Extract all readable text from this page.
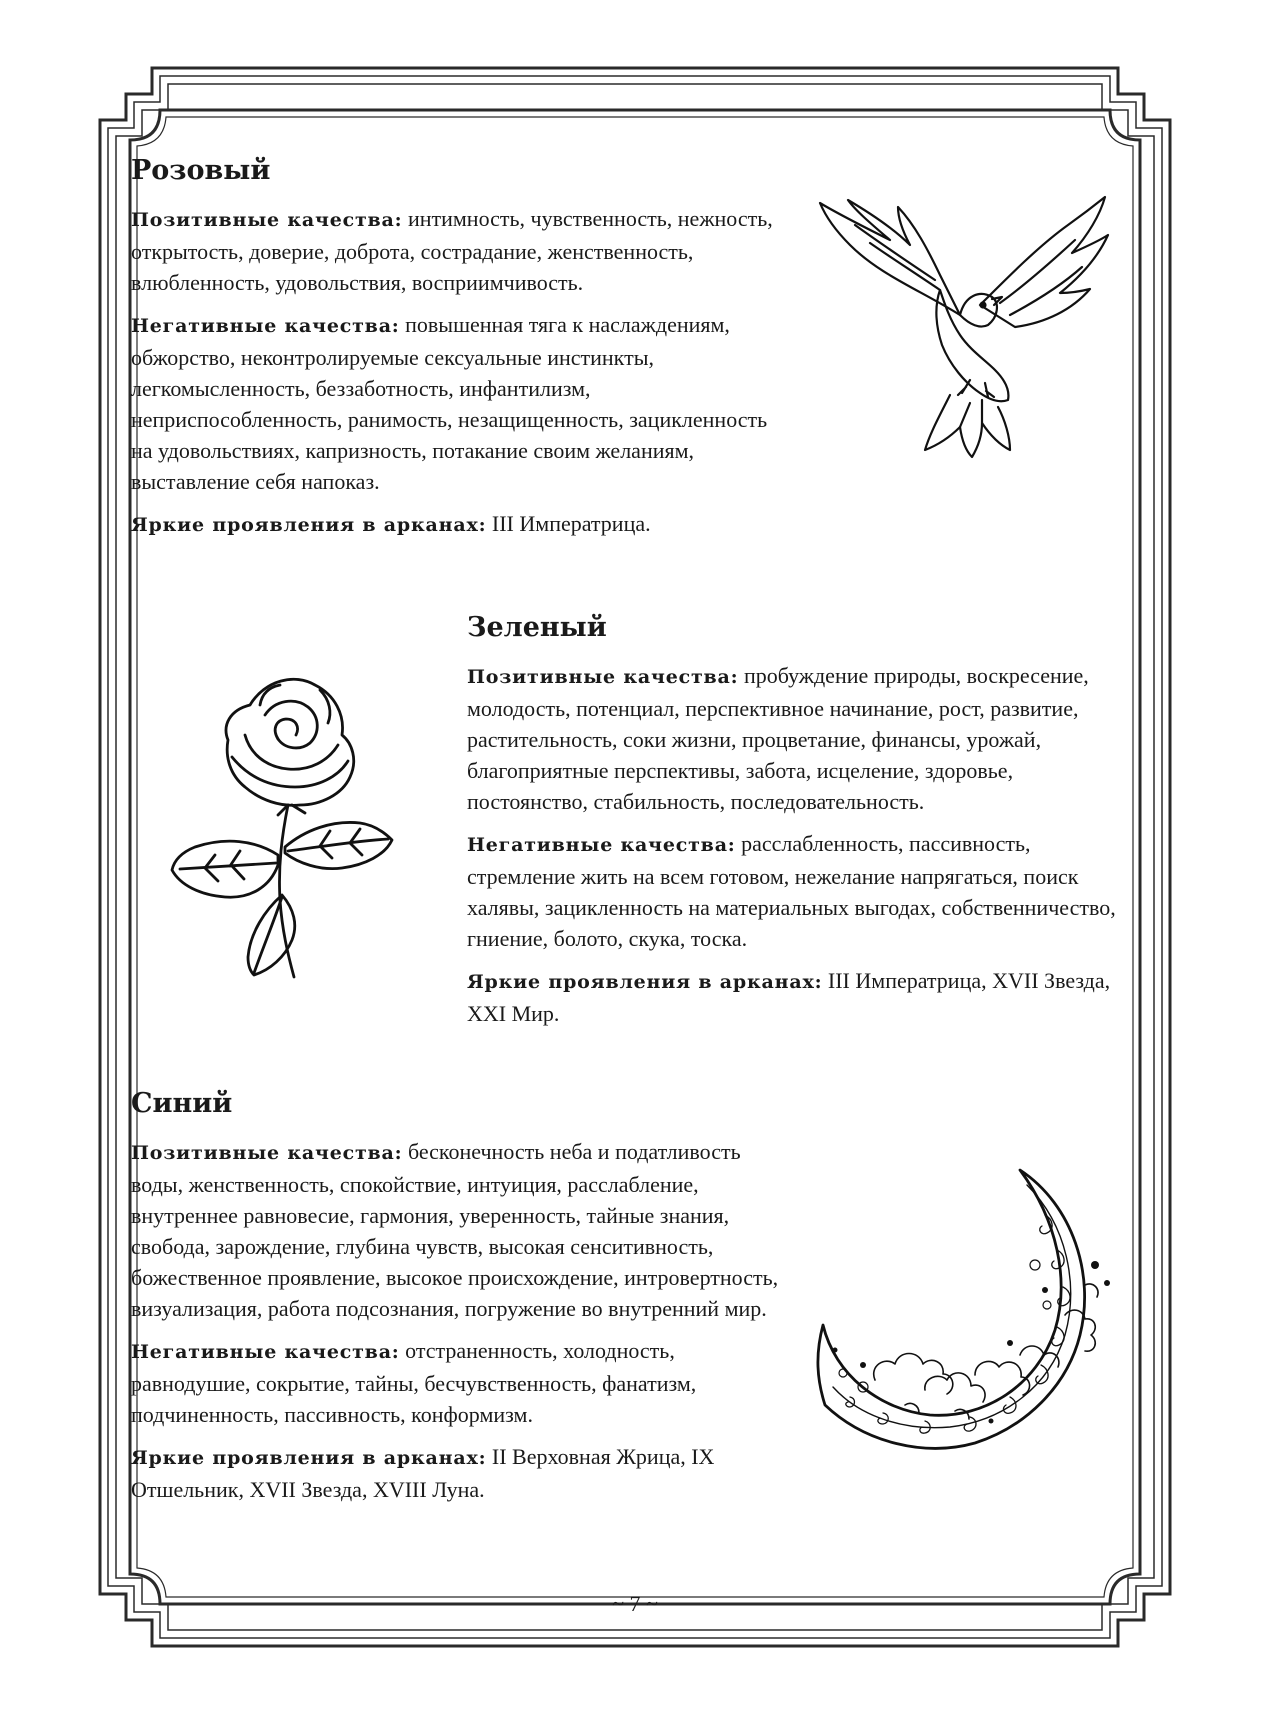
Розовый

Позитивные качества: интимность, чувственность, нежность, открытость, доверие, доброта, сострадание, женственность, влюбленность, удовольствия, восприимчивость.

Негативные качества: повышенная тяга к наслаждениям, обжорство, неконтролируемые сексуальные инстинкты, легкомысленность, беззаботность, инфантилизм, неприспособленность, ранимость, незащищенность, зацикленность на удовольствиях, капризность, потакание своим желаниям, выставление себя напоказ.

Яркие проявления в арканах: III Императрица.

Зеленый

Позитивные качества: пробуждение природы, воскресение, молодость, потенциал, перспективное начинание, рост, развитие, растительность, соки жизни, процветание, финансы, урожай, благоприятные перспективы, забота, исцеление, здоровье, постоянство, стабильность, последовательность.

Негативные качества: расслабленность, пассивность, стремление жить на всем готовом, нежелание напрягаться, поиск халявы, зацикленность на материальных выгодах, собственничество, гниение, болото, скука, тоска.

Яркие проявления в арканах: III Императрица, XVII Звезда, XXI Мир.

Синий

Позитивные качества: бесконечность неба и податливость воды, женственность, спокойствие, интуиция, расслабление, внутреннее равновесие, гармония, уверенность, тайные знания, свобода, зарождение, глубина чувств, высокая сенситивность, божественное проявление, высокое происхождение, интровертность, визуализация, работа подсознания, погружение во внутренний мир.

Негативные качества: отстраненность, холодность, равнодушие, сокрытие, тайны, бесчувственность, фанатизм, подчиненность, пассивность, конформизм.

Яркие проявления в арканах: II Верховная Жрица, IX Отшельник, XVII Звезда, XVIII Луна.

~ 7 ~
